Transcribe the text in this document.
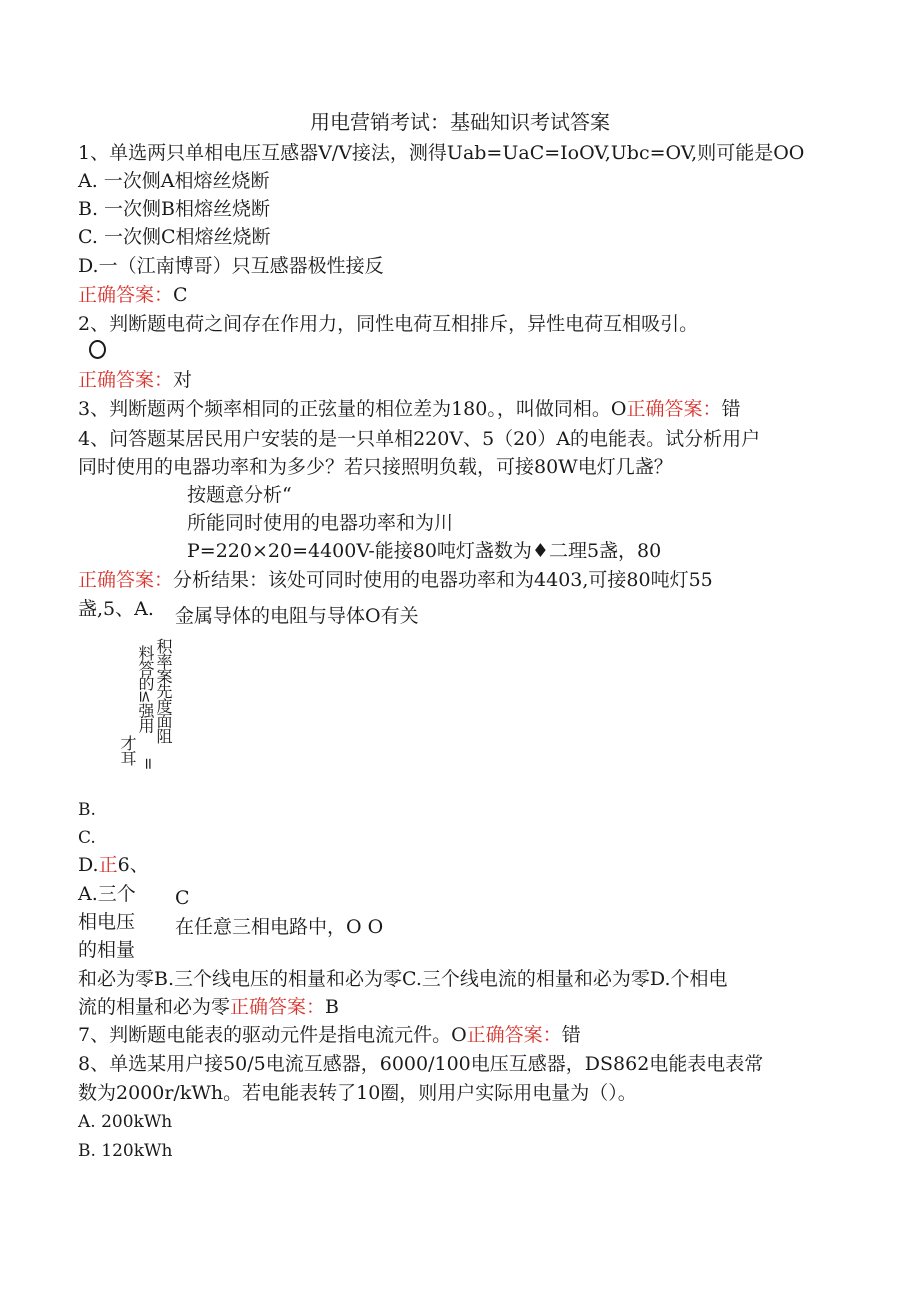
用电营销考试：基础知识考试答案
1、单选两只单相电压互感器V/V接法，测得Uab=UaC=IoOV,Ubc=OV,则可能是OO
A. 一次侧A相熔丝烧断
B. 一次侧B相熔丝烧断
C. 一次侧C相熔丝烧断
D.一（江南博哥）只互感器极性接反
正确答案：C
2、判断题电荷之间存在作用力，同性电荷互相排斥，异性电荷互相吸引。
正确答案：对
3、判断题两个频率相同的正弦量的相位差为180。，叫做同相。O正确答案：错
4、问答题某居民用户安装的是一只单相220V、5（20）A的电能表。试分析用户
同时使用的电器功率和为多少？若只接照明负载，可接80W电灯几盏？
按题意分析“
所能同时使用的电器功率和为川
P=220×20=4400V-能接80吨灯盏数为♦二理5盏，80
正确答案：分析结果：该处可同时使用的电器功率和为4403,可接80吨灯55
盏,5、A. 金属导体的电阻与导体O有关
才耳
料答的≤强用
=
积率案先度面阻
B.
C.
D.正6、
A.三个
相电压
的相量
C
在任意三相电路中，O O
和必为零B.三个线电压的相量和必为零C.三个线电流的相量和必为零D.个相电
流的相量和必为零正确答案：B
7、判断题电能表的驱动元件是指电流元件。O正确答案：错
8、单选某用户接50/5电流互感器，6000/100电压互感器，DS862电能表电表常
数为2000r/kWh。若电能表转了10圈，则用户实际用电量为（）。
A. 200kWh
B. 120kWh
